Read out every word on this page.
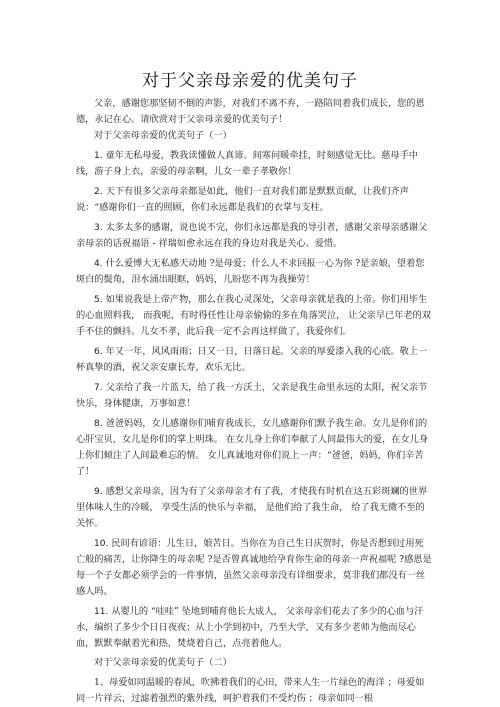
对于父亲母亲爱的优美句子

父亲，感谢您那坚韧不倒的声影，对我们不离不弃，一路陪同着我们成长，您的恩德，永记在心。请欣赏对于父亲母亲爱的优美句子！

对于父亲母亲爱的优美句子（一）

1. 童年无私母爱，教我读懂做人真谛。间寒问暖牵挂，时刻感觉无比。慈母手中线，游子身上衣，亲爱的母亲啊，儿女一辈子孝敬你！

2. 天下有很多父亲母亲都是如此，他们一直对我们都是默默贡献，让我们齐声说：“感谢你们一直的照顾，你们永远都是我们的衣掌与支柱。

3. 太多太多的感谢，说也说不完，你们永远都是我的导引者，感谢父亲母亲感谢父亲母亲的话祝福语 - 祥瑞如愈永远在我的身边对我是关心、爱惜。

4. 什么爱博大无私感天动地 ?是母爱；什么人不求回报一心为你 ?是亲娘，望着您斑白的鬓角，泪水涌出眼眶，妈妈，儿盼您不再为我操劳！

5. 如果说我是上帝产物，那么在我心灵深处，父亲母亲就是我的上帝。你们用毕生的心血照料我， 而我呢，有时得任性让母亲偷偷的多在角落哭泣， 让父亲早已年老的双手不住的颤抖。儿女不孝，此后我一定不会再这样做了，我爱你们。

6. 年又一年，风风雨雨；日又一日，日落日起。父亲的厚爱漆入我的心底。敬上一杯真挚的酒，祝父亲安康长寿，欢乐无比。

7. 父亲给了我一片蓝天，给了我一方沃土，父亲是我生命里永远的太阳，祝父亲节快乐，身体健康，万事如意！

8. 爸爸妈妈，女儿感谢你们哺育我成长，女儿感谢你们默予我生命。女儿是你们的心肝宝贝，女儿是你们的掌上明珠。 在女儿身上你们奉献了人间最伟大的爱，在女儿身上你们倾注了人间最难忘的情。 女儿真诚地对你们说上一声：“爸爸，妈妈，你们辛苦了！

9. 感想父亲母亲，因为有了父亲母亲才有了我，才使我有时机在这五彩斑斓的世界里体味人生的冷暖， 享受生活的快乐与幸福， 是他们给了我生命， 给了我无微不至的关怀。

10. 民间有谚语：儿生日，娘苦日。当你在为自己生日庆贺时，你是否想到过用死亡般的痛苦，让你降生的母亲呢 ?是否曾真诚地给孕育你生命的母亲一声祝福呢 ?感恩是每一个子女都必须学会的一件事情，虽然父亲母亲没有详细要求，莫非我们都没有一丝感人吗。

11. 从婴儿的 “哇哇” 坠地到哺育他长大成人， 父亲母亲们花去了多少的心血与汗水，编织了多少个日日夜夜；从上小学到初中，乃至大学，又有多少老师为他而尽心血，默默奉献着光和热，焚烧着自己，点亮着他人。

对于父亲母亲爱的优美句子（二）

1、母爱如同温暖的春风，吹拂着我们的心田，带来人生一片绿色的海洋 ；母爱如同一片祥云，过滤着强烈的紫外线，呵护着我们不受灼伤 ；母亲如同一根
